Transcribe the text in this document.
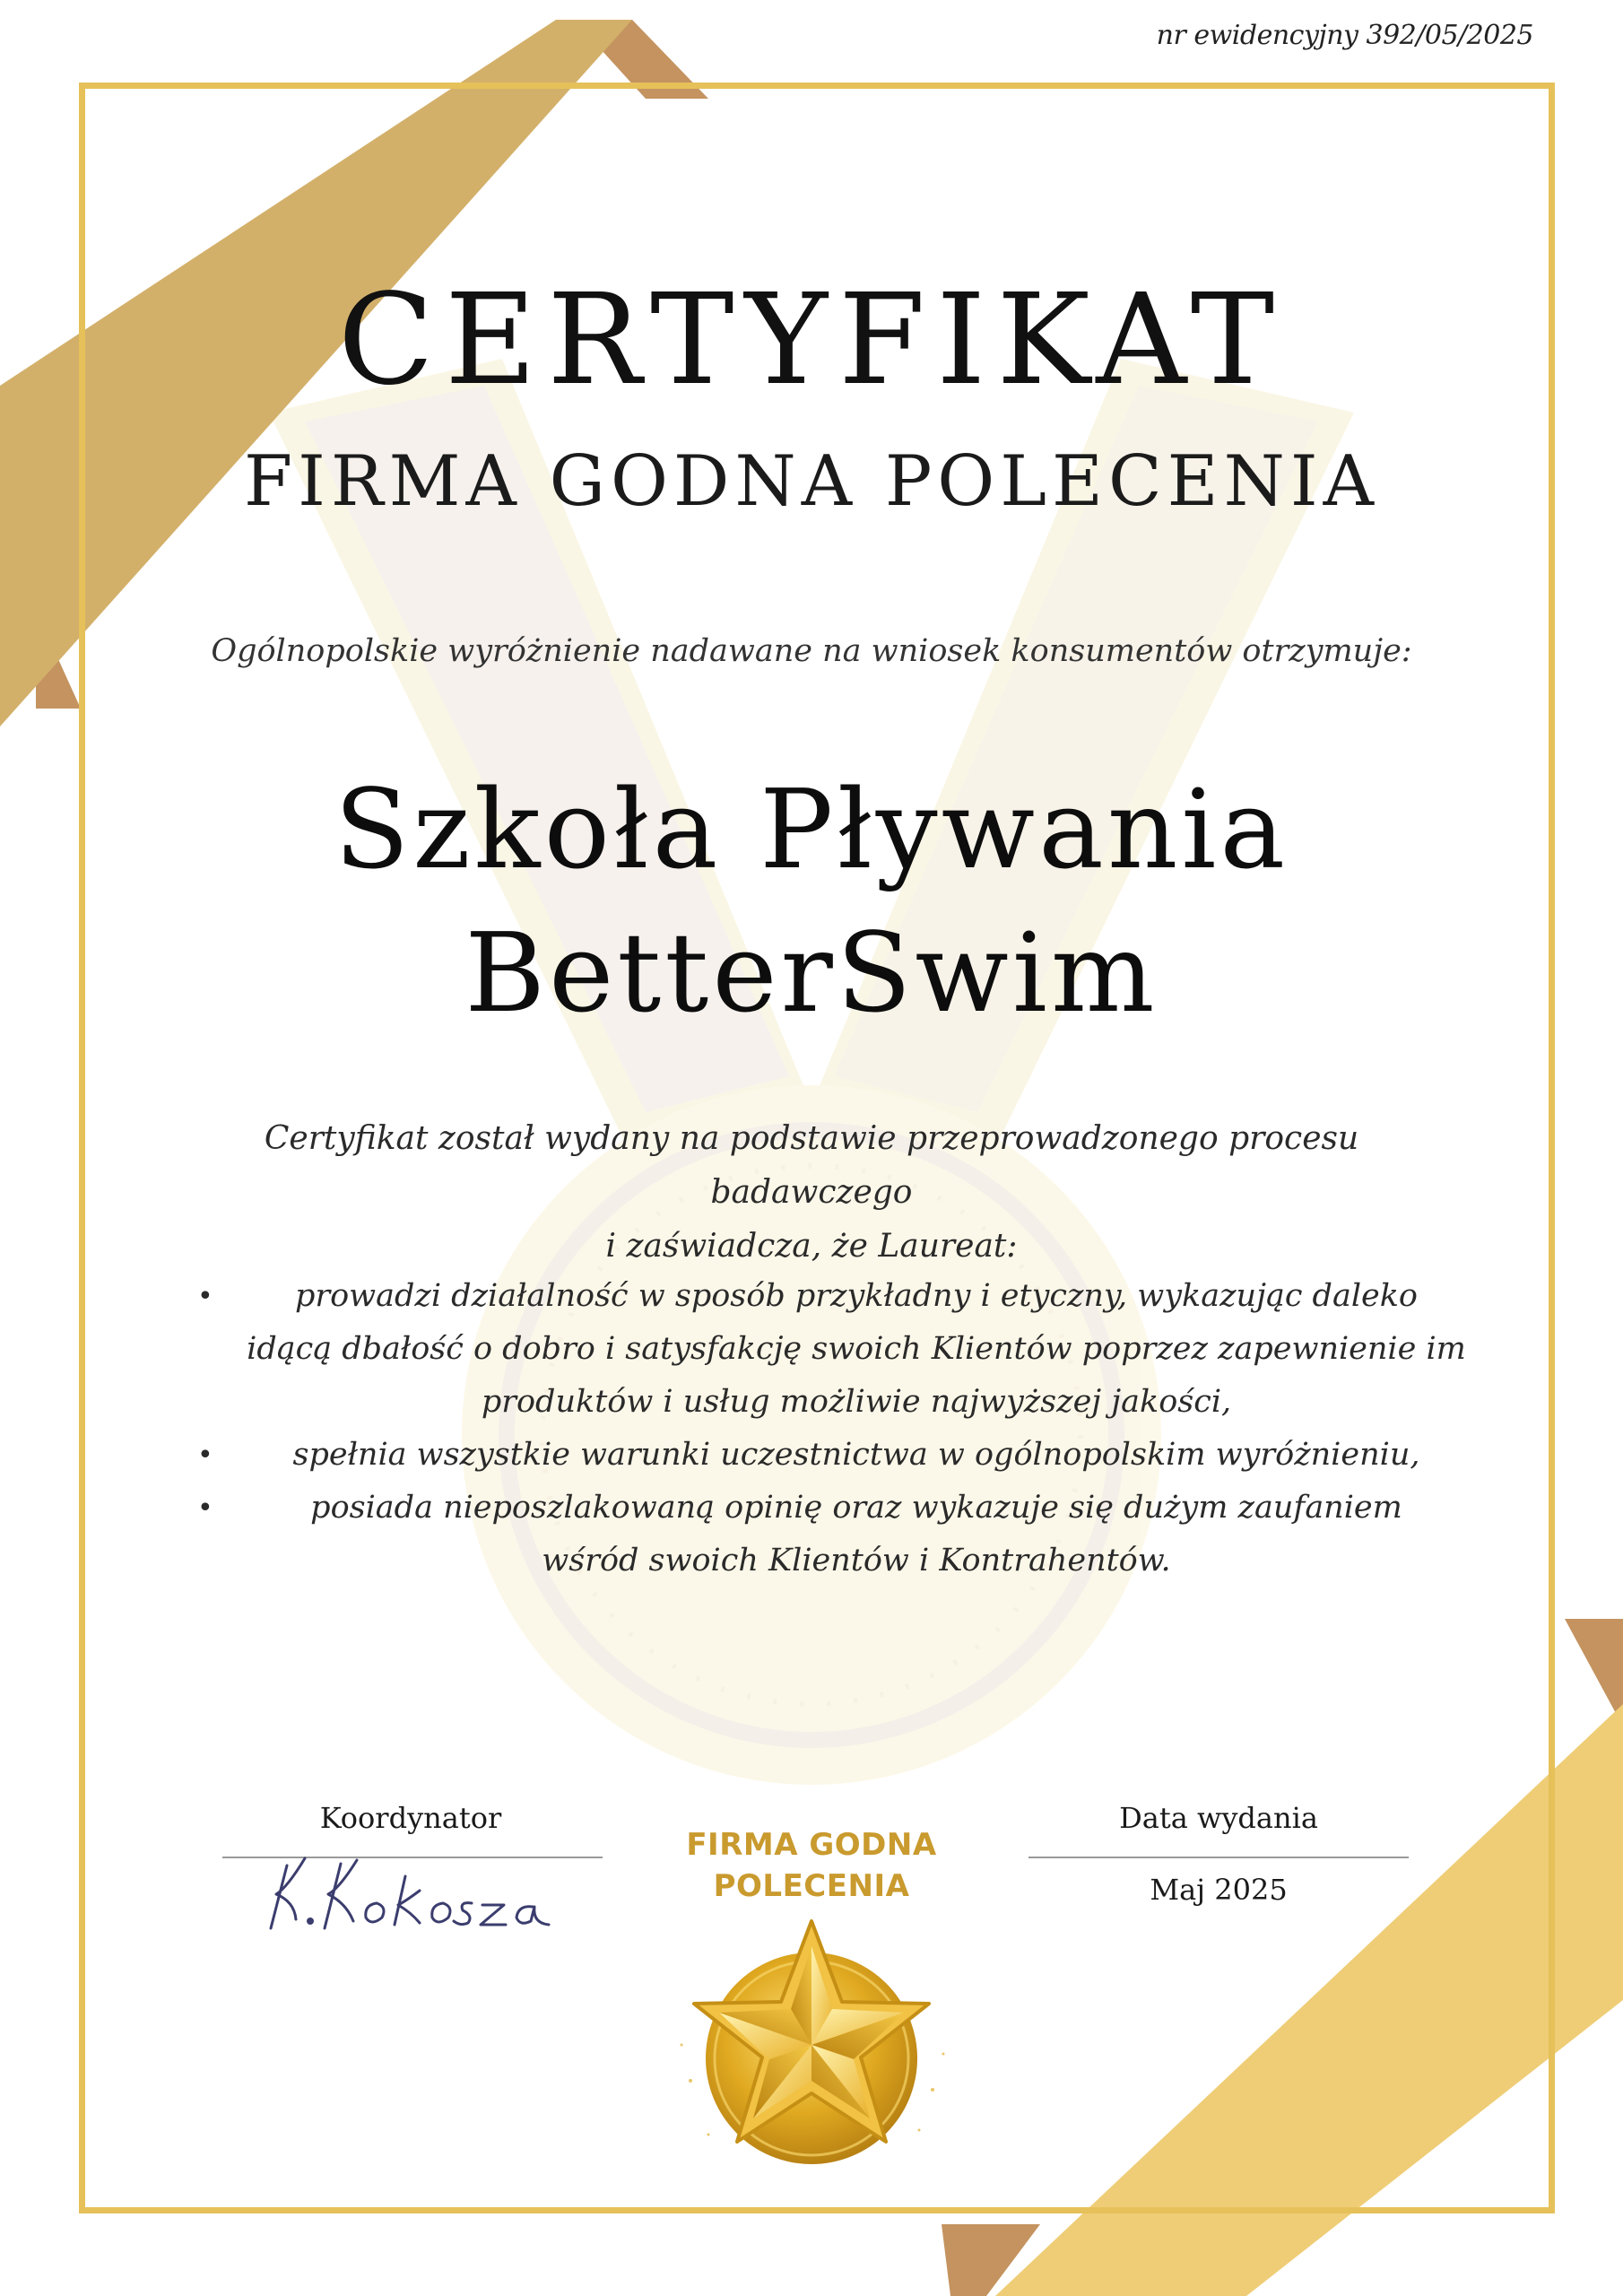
nr ewidencyjny 392/05/2025
CERTYFIKAT
FIRMA GODNA POLECENIA
Ogólnopolskie wyróżnienie nadawane na wniosek konsumentów otrzymuje:
Szkoła Pływania
BetterSwim
Certyfikat został wydany na podstawie przeprowadzonego procesu badawczego
i zaświadcza, że Laureat:
•	prowadzi działalność w sposób przykładny i etyczny, wykazując daleko
idącą dbałość o dobro i satysfakcję swoich Klientów poprzez zapewnienie im
produktów i usług możliwie najwyższej jakości,
•	spełnia wszystkie warunki uczestnictwa w ogólnopolskim wyróżnieniu,
•	posiada nieposzlakowaną opinię oraz wykazuje się dużym zaufaniem
wśród swoich Klientów i Kontrahentów.
Koordynator
K.Kokosza
Data wydania
Maj 2025
FIRMA GODNA
POLECENIA
